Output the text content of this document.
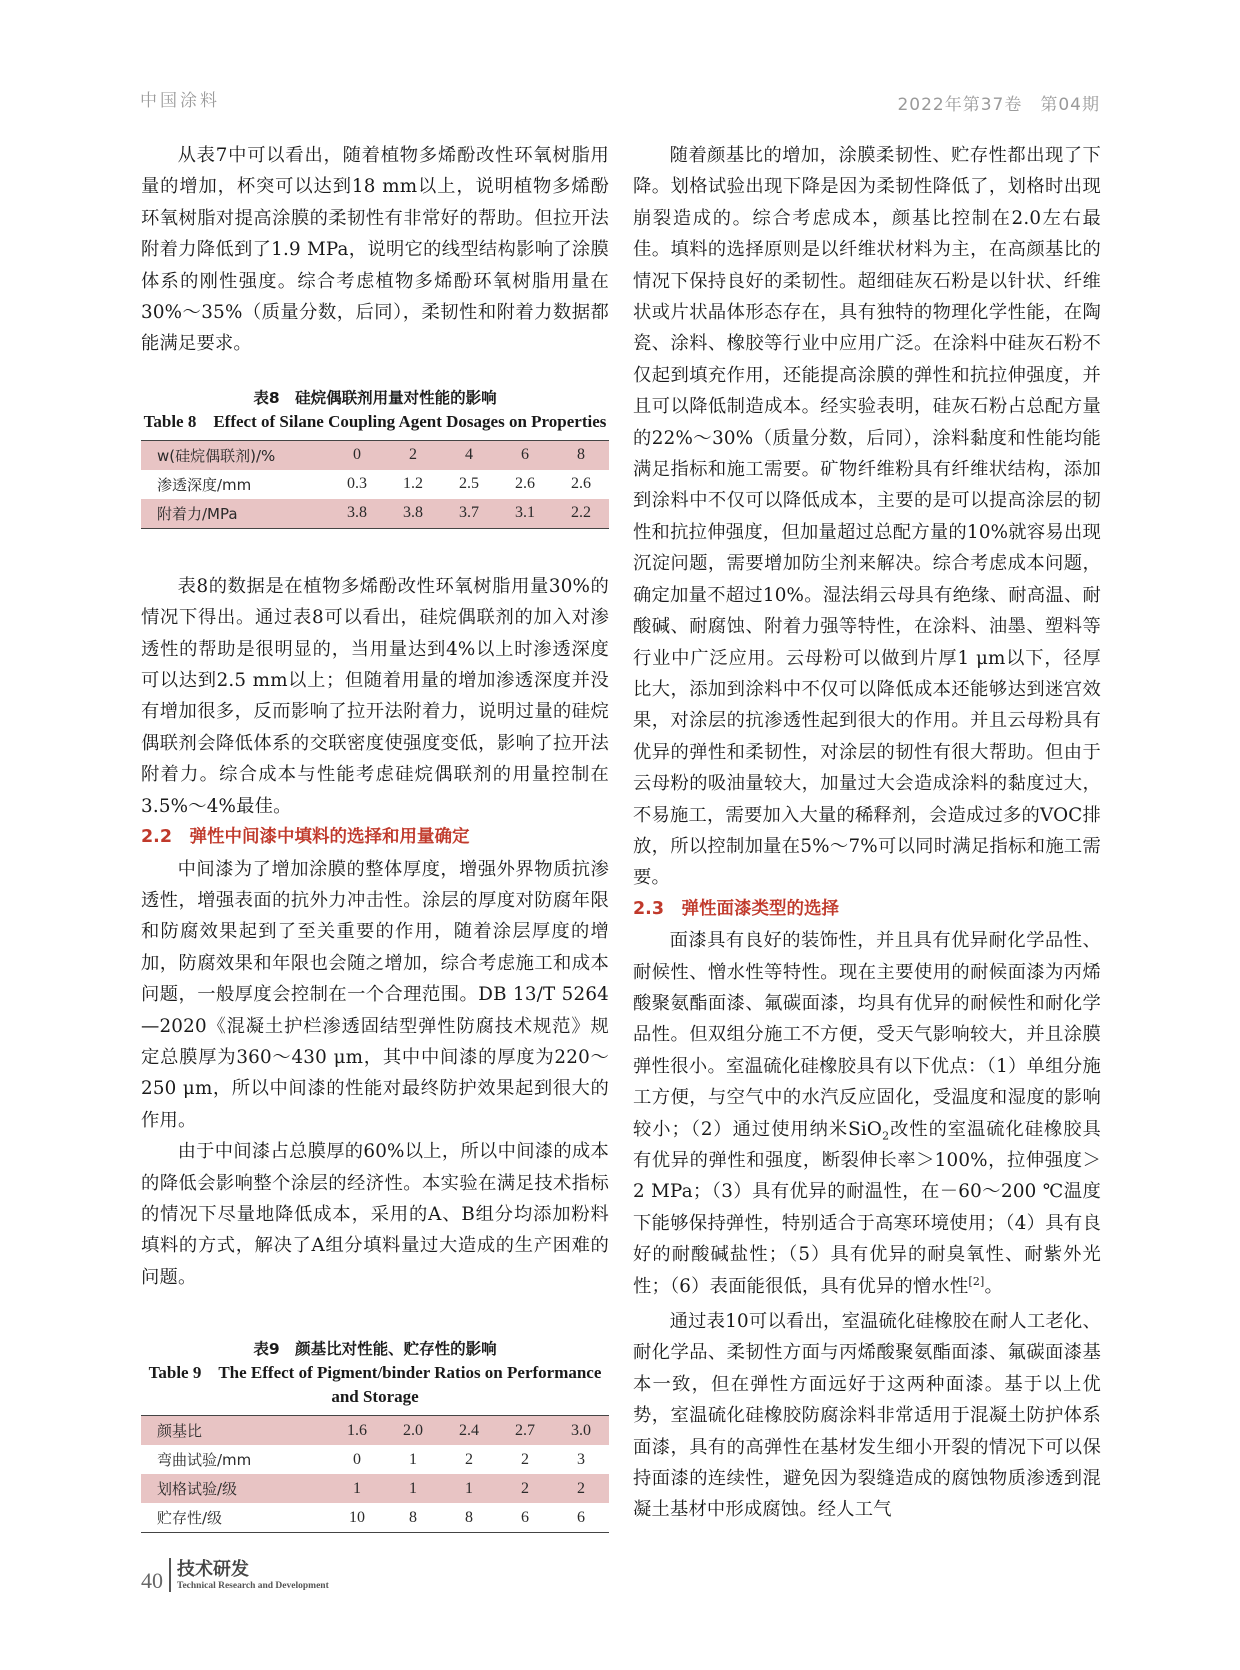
中国涂料	2022年第37卷　第04期

从表7中可以看出，随着植物多烯酚改性环氧树脂用量的增加，杯突可以达到18 mm以上，说明植物多烯酚环氧树脂对提高涂膜的柔韧性有非常好的帮助。但拉开法附着力降低到了1.9 MPa，说明它的线型结构影响了涂膜体系的刚性强度。综合考虑植物多烯酚环氧树脂用量在30%～35%（质量分数，后同），柔韧性和附着力数据都能满足要求。

表8　硅烷偶联剂用量对性能的影响
Table 8　Effect of Silane Coupling Agent Dosages on Properties
w(硅烷偶联剂)/%	0	2	4	6	8
渗透深度/mm	0.3	1.2	2.5	2.6	2.6
附着力/MPa	3.8	3.8	3.7	3.1	2.2

表8的数据是在植物多烯酚改性环氧树脂用量30%的情况下得出。通过表8可以看出，硅烷偶联剂的加入对渗透性的帮助是很明显的，当用量达到4%以上时渗透深度可以达到2.5 mm以上；但随着用量的增加渗透深度并没有增加很多，反而影响了拉开法附着力，说明过量的硅烷偶联剂会降低体系的交联密度使强度变低，影响了拉开法附着力。综合成本与性能考虑硅烷偶联剂的用量控制在3.5%～4%最佳。

2.2　弹性中间漆中填料的选择和用量确定

中间漆为了增加涂膜的整体厚度，增强外界物质抗渗透性，增强表面的抗外力冲击性。涂层的厚度对防腐年限和防腐效果起到了至关重要的作用，随着涂层厚度的增加，防腐效果和年限也会随之增加，综合考虑施工和成本问题，一般厚度会控制在一个合理范围。DB 13/T 5264—2020《混凝土护栏渗透固结型弹性防腐技术规范》规定总膜厚为360～430 μm，其中中间漆的厚度为220～250 μm，所以中间漆的性能对最终防护效果起到很大的作用。

由于中间漆占总膜厚的60%以上，所以中间漆的成本的降低会影响整个涂层的经济性。本实验在满足技术指标的情况下尽量地降低成本，采用的A、B组分均添加粉料填料的方式，解决了A组分填料量过大造成的生产困难的问题。

表9　颜基比对性能、贮存性的影响
Table 9　The Effect of Pigment/binder Ratios on Performance and Storage
颜基比	1.6	2.0	2.4	2.7	3.0
弯曲试验/mm	0	1	2	2	3
划格试验/级	1	1	1	2	2
贮存性/级	10	8	8	6	6

随着颜基比的增加，涂膜柔韧性、贮存性都出现了下降。划格试验出现下降是因为柔韧性降低了，划格时出现崩裂造成的。综合考虑成本，颜基比控制在2.0左右最佳。填料的选择原则是以纤维状材料为主，在高颜基比的情况下保持良好的柔韧性。超细硅灰石粉是以针状、纤维状或片状晶体形态存在，具有独特的物理化学性能，在陶瓷、涂料、橡胶等行业中应用广泛。在涂料中硅灰石粉不仅起到填充作用，还能提高涂膜的弹性和抗拉伸强度，并且可以降低制造成本。经实验表明，硅灰石粉占总配方量的22%～30%（质量分数，后同），涂料黏度和性能均能满足指标和施工需要。矿物纤维粉具有纤维状结构，添加到涂料中不仅可以降低成本，主要的是可以提高涂层的韧性和抗拉伸强度，但加量超过总配方量的10%就容易出现沉淀问题，需要增加防尘剂来解决。综合考虑成本问题，确定加量不超过10%。湿法绢云母具有绝缘、耐高温、耐酸碱、耐腐蚀、附着力强等特性，在涂料、油墨、塑料等行业中广泛应用。云母粉可以做到片厚1 μm以下，径厚比大，添加到涂料中不仅可以降低成本还能够达到迷宫效果，对涂层的抗渗透性起到很大的作用。并且云母粉具有优异的弹性和柔韧性，对涂层的韧性有很大帮助。但由于云母粉的吸油量较大，加量过大会造成涂料的黏度过大，不易施工，需要加入大量的稀释剂，会造成过多的VOC排放，所以控制加量在5%～7%可以同时满足指标和施工需要。

2.3　弹性面漆类型的选择

面漆具有良好的装饰性，并且具有优异耐化学品性、耐候性、憎水性等特性。现在主要使用的耐候面漆为丙烯酸聚氨酯面漆、氟碳面漆，均具有优异的耐候性和耐化学品性。但双组分施工不方便，受天气影响较大，并且涂膜弹性很小。室温硫化硅橡胶具有以下优点：（1）单组分施工方便，与空气中的水汽反应固化，受温度和湿度的影响较小；（2）通过使用纳米SiO$_2$改性的室温硫化硅橡胶具有优异的弹性和强度，断裂伸长率＞100%，拉伸强度＞2 MPa；（3）具有优异的耐温性，在－60～200 ℃温度下能够保持弹性，特别适合于高寒环境使用；（4）具有良好的耐酸碱盐性；（5）具有优异的耐臭氧性、耐紫外光性；（6）表面能很低，具有优异的憎水性[2]。

通过表10可以看出，室温硫化硅橡胶在耐人工老化、耐化学品、柔韧性方面与丙烯酸聚氨酯面漆、氟碳面漆基本一致，但在弹性方面远好于这两种面漆。基于以上优势，室温硫化硅橡胶防腐涂料非常适用于混凝土防护体系面漆，具有的高弹性在基材发生细小开裂的情况下可以保持面漆的连续性，避免因为裂缝造成的腐蚀物质渗透到混凝土基材中形成腐蚀。经人工气

40 技术研发
Technical Research and Development
